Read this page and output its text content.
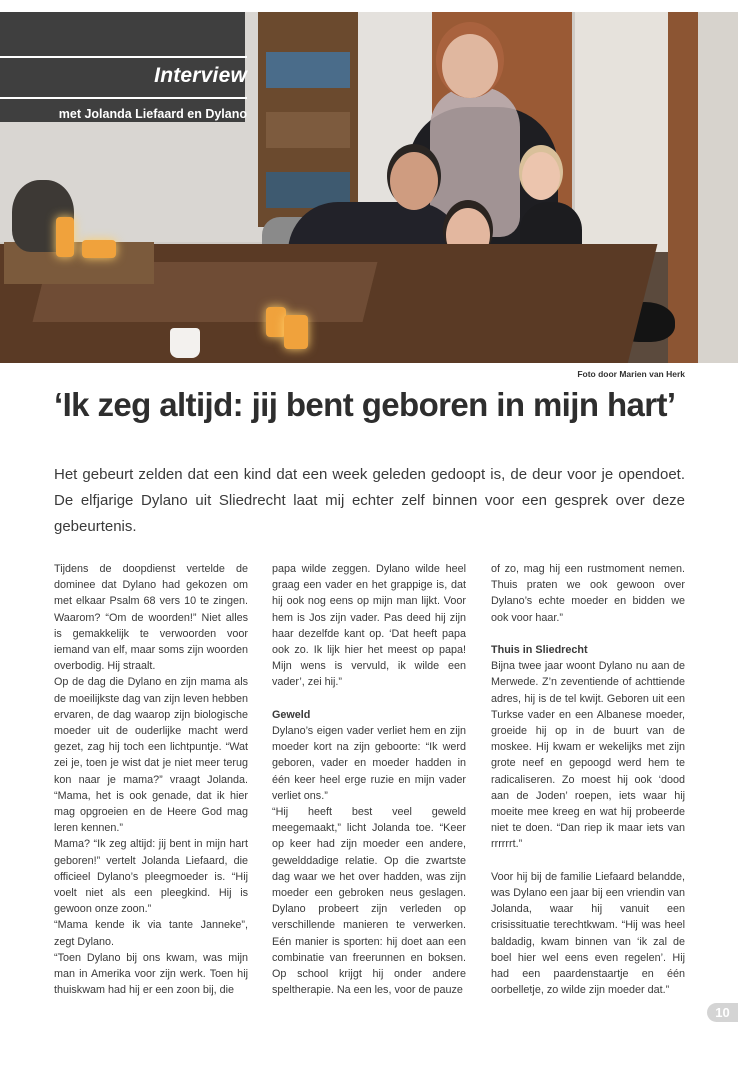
Interview
met Jolanda Liefaard en Dylano
Foto door Marien van Herk
‘Ik zeg altijd: jij bent geboren in mijn hart’

Het gebeurt zelden dat een kind dat een week geleden gedoopt is, de deur voor je opendoet. De elfjarige Dylano uit Sliedrecht laat mij echter zelf binnen voor een gesprek over deze gebeurtenis.

Tijdens de doopdienst vertelde de dominee dat Dylano had gekozen om met elkaar Psalm 68 vers 10 te zingen. Waarom? “Om de woorden!” Niet alles is gemakkelijk te verwoorden voor iemand van elf, maar soms zijn woorden overbodig. Hij straalt.

Op de dag die Dylano en zijn mama als de moeilijkste dag van zijn leven hebben ervaren, de dag waarop zijn biologische moeder uit de ouderlijke macht werd gezet, zag hij toch een lichtpuntje. “Wat zei je, toen je wist dat je niet meer terug kon naar je mama?” vraagt Jolanda. “Mama, het is ook genade, dat ik hier mag opgroeien en de Heere God mag leren kennen.”

Mama? “Ik zeg altijd: jij bent in mijn hart geboren!” vertelt Jolanda Liefaard, die officieel Dylano’s pleegmoeder is. “Hij voelt niet als een pleegkind. Hij is gewoon onze zoon.”

“Mama kende ik via tante Janneke”, zegt Dylano.

“Toen Dylano bij ons kwam, was mijn man in Amerika voor zijn werk. Toen hij thuiskwam had hij er een zoon bij, die

papa wilde zeggen. Dylano wilde heel graag een vader en het grappige is, dat hij ook nog eens op mijn man lijkt. Voor hem is Jos zijn vader. Pas deed hij zijn haar dezelfde kant op. ‘Dat heeft papa ook zo. Ik lijk hier het meest op papa! Mijn wens is vervuld, ik wilde een vader’, zei hij.”

Geweld

Dylano’s eigen vader verliet hem en zijn moeder kort na zijn geboorte: “Ik werd geboren, vader en moeder hadden in één keer heel erge ruzie en mijn vader verliet ons.”

“Hij heeft best veel geweld meegemaakt,” licht Jolanda toe. “Keer op keer had zijn moeder een andere, gewelddadige relatie. Op die zwartste dag waar we het over hadden, was zijn moeder een gebroken neus geslagen. Dylano probeert zijn verleden op verschillende manieren te verwerken. Eén manier is sporten: hij doet aan een combinatie van freerunnen en boksen. Op school krijgt hij onder andere speltherapie. Na een les, voor de pauze

of zo, mag hij een rustmoment nemen. Thuis praten we ook gewoon over Dylano’s echte moeder en bidden we ook voor haar.”

Thuis in Sliedrecht

Bijna twee jaar woont Dylano nu aan de Merwede. Z’n zeventiende of achttiende adres, hij is de tel kwijt. Geboren uit een Turkse vader en een Albanese moeder, groeide hij op in de buurt van de moskee. Hij kwam er wekelijks met zijn grote neef en gepoogd werd hem te radicaliseren. Zo moest hij ook ‘dood aan de Joden’ roepen, iets waar hij moeite mee kreeg en wat hij probeerde niet te doen. “Dan riep ik maar iets van rrrrrrt.”

Voor hij bij de familie Liefaard belandde, was Dylano een jaar bij een vriendin van Jolanda, waar hij vanuit een crisissituatie terechtkwam. “Hij was heel baldadig, kwam binnen van ‘ik zal de boel hier wel eens even regelen’. Hij had een paardenstaartje en één oorbelletje, zo wilde zijn moeder dat.”

10
